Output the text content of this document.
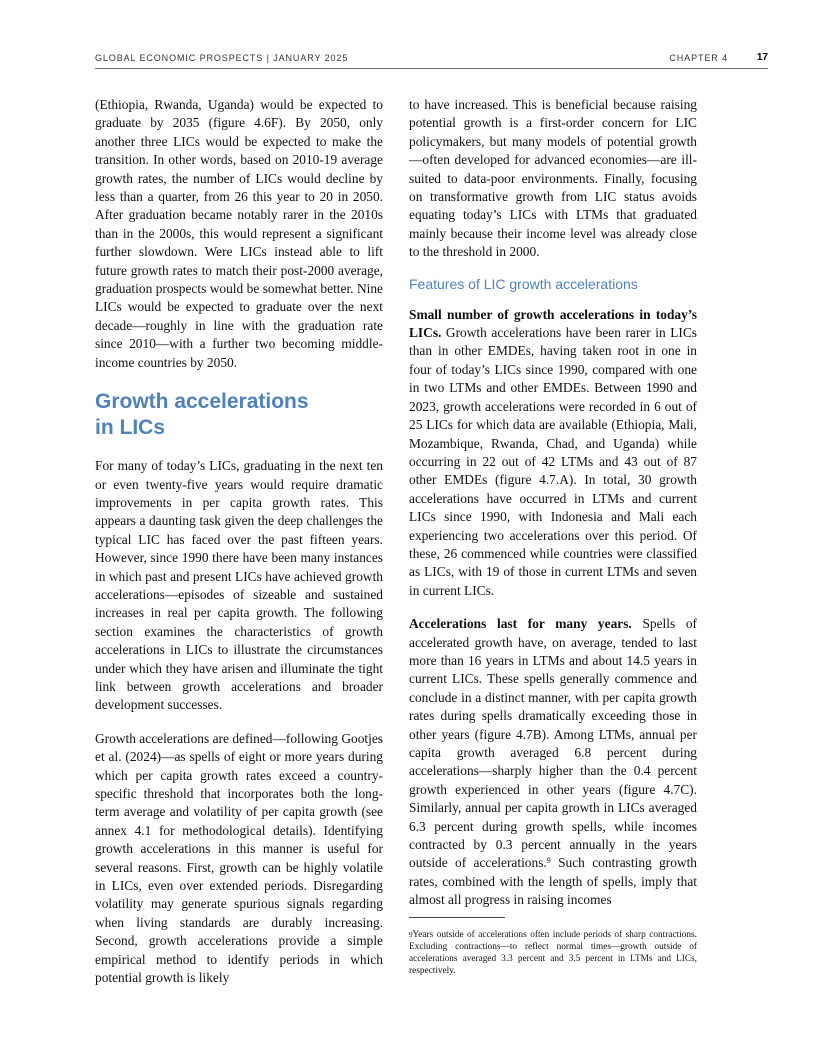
GLOBAL ECONOMIC PROSPECTS | JANUARY 2025	CHAPTER 4	17

(Ethiopia, Rwanda, Uganda) would be expected to graduate by 2035 (figure 4.6F). By 2050, only another three LICs would be expected to make the transition. In other words, based on 2010-19 average growth rates, the number of LICs would decline by less than a quarter, from 26 this year to 20 in 2050. After graduation became notably rarer in the 2010s than in the 2000s, this would represent a significant further slowdown. Were LICs instead able to lift future growth rates to match their post-2000 average, graduation prospects would be somewhat better. Nine LICs would be expected to graduate over the next decade—roughly in line with the graduation rate since 2010—with a further two becoming middle-income countries by 2050.

Growth accelerations
in LICs

For many of today’s LICs, graduating in the next ten or even twenty-five years would require dramatic improvements in per capita growth rates. This appears a daunting task given the deep challenges the typical LIC has faced over the past fifteen years. However, since 1990 there have been many instances in which past and present LICs have achieved growth accelerations—episodes of sizeable and sustained increases in real per capita growth. The following section examines the characteristics of growth accelerations in LICs to illustrate the circumstances under which they have arisen and illuminate the tight link between growth accelerations and broader development successes.

Growth accelerations are defined—following Gootjes et al. (2024)—as spells of eight or more years during which per capita growth rates exceed a country-specific threshold that incorporates both the long-term average and volatility of per capita growth (see annex 4.1 for methodological details). Identifying growth accelerations in this manner is useful for several reasons. First, growth can be highly volatile in LICs, even over extended periods. Disregarding volatility may generate spurious signals regarding when living standards are durably increasing. Second, growth accelerations provide a simple empirical method to identify periods in which potential growth is likely

to have increased. This is beneficial because raising potential growth is a first-order concern for LIC policymakers, but many models of potential growth—often developed for advanced economies—are ill-suited to data-poor environments. Finally, focusing on transformative growth from LIC status avoids equating today’s LICs with LTMs that graduated mainly because their income level was already close to the threshold in 2000.

Features of LIC growth accelerations

Small number of growth accelerations in today’s LICs. Growth accelerations have been rarer in LICs than in other EMDEs, having taken root in one in four of today’s LICs since 1990, compared with one in two LTMs and other EMDEs. Between 1990 and 2023, growth accelerations were recorded in 6 out of 25 LICs for which data are available (Ethiopia, Mali, Mozambique, Rwanda, Chad, and Uganda) while occurring in 22 out of 42 LTMs and 43 out of 87 other EMDEs (figure 4.7.A). In total, 30 growth accelerations have occurred in LTMs and current LICs since 1990, with Indonesia and Mali each experiencing two accelerations over this period. Of these, 26 commenced while countries were classified as LICs, with 19 of those in current LTMs and seven in current LICs.

Accelerations last for many years. Spells of accelerated growth have, on average, tended to last more than 16 years in LTMs and about 14.5 years in current LICs. These spells generally commence and conclude in a distinct manner, with per capita growth rates during spells dramatically exceeding those in other years (figure 4.7B). Among LTMs, annual per capita growth averaged 6.8 percent during accelerations—sharply higher than the 0.4 percent growth experienced in other years (figure 4.7C). Similarly, annual per capita growth in LICs averaged 6.3 percent during growth spells, while incomes contracted by 0.3 percent annually in the years outside of accelerations.$^9$ Such contrasting growth rates, combined with the length of spells, imply that almost all progress in raising incomes

$^9$Years outside of accelerations often include periods of sharp contractions. Excluding contractions—to reflect normal times—growth outside of accelerations averaged 3.3 percent and 3.5 percent in LTMs and LICs, respectively.
